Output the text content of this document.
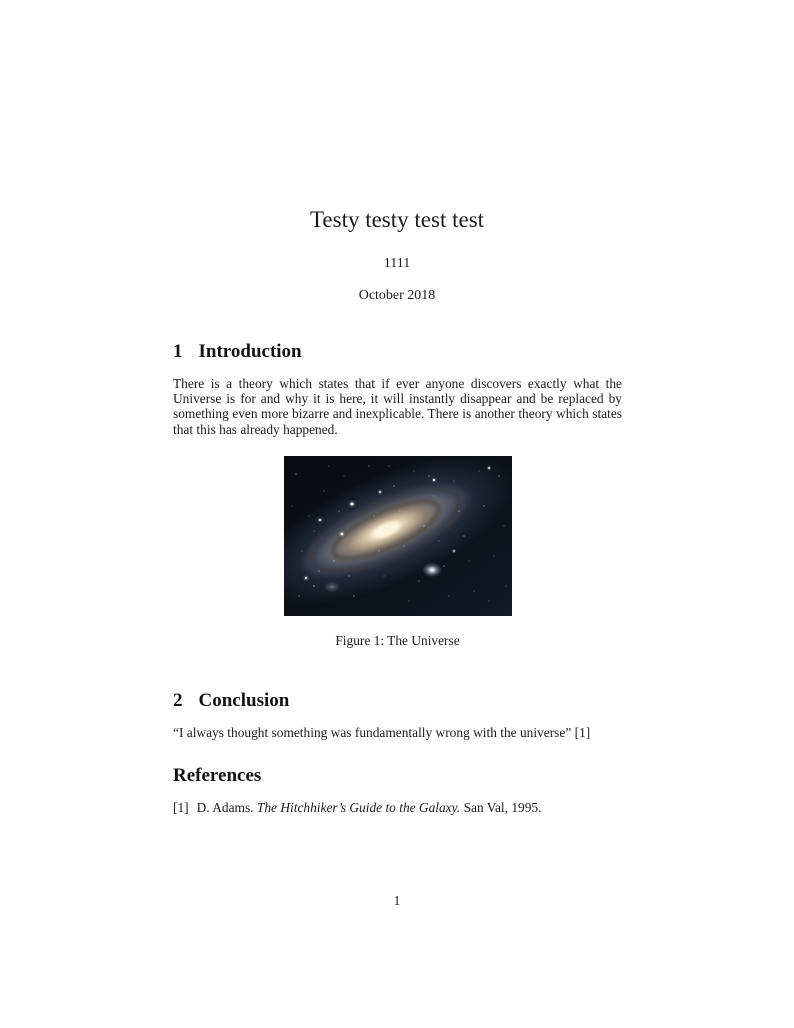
Testy testy test test
1111
October 2018
1 Introduction

There is a theory which states that if ever anyone discovers exactly what the Universe is for and why it is here, it will instantly disappear and be replaced by something even more bizarre and inexplicable. There is another theory which states that this has already happened.

Figure 1: The Universe
2 Conclusion

“I always thought something was fundamentally wrong with the universe” [1]

References
[1] D. Adams. The Hitchhiker’s Guide to the Galaxy. San Val, 1995.
1
